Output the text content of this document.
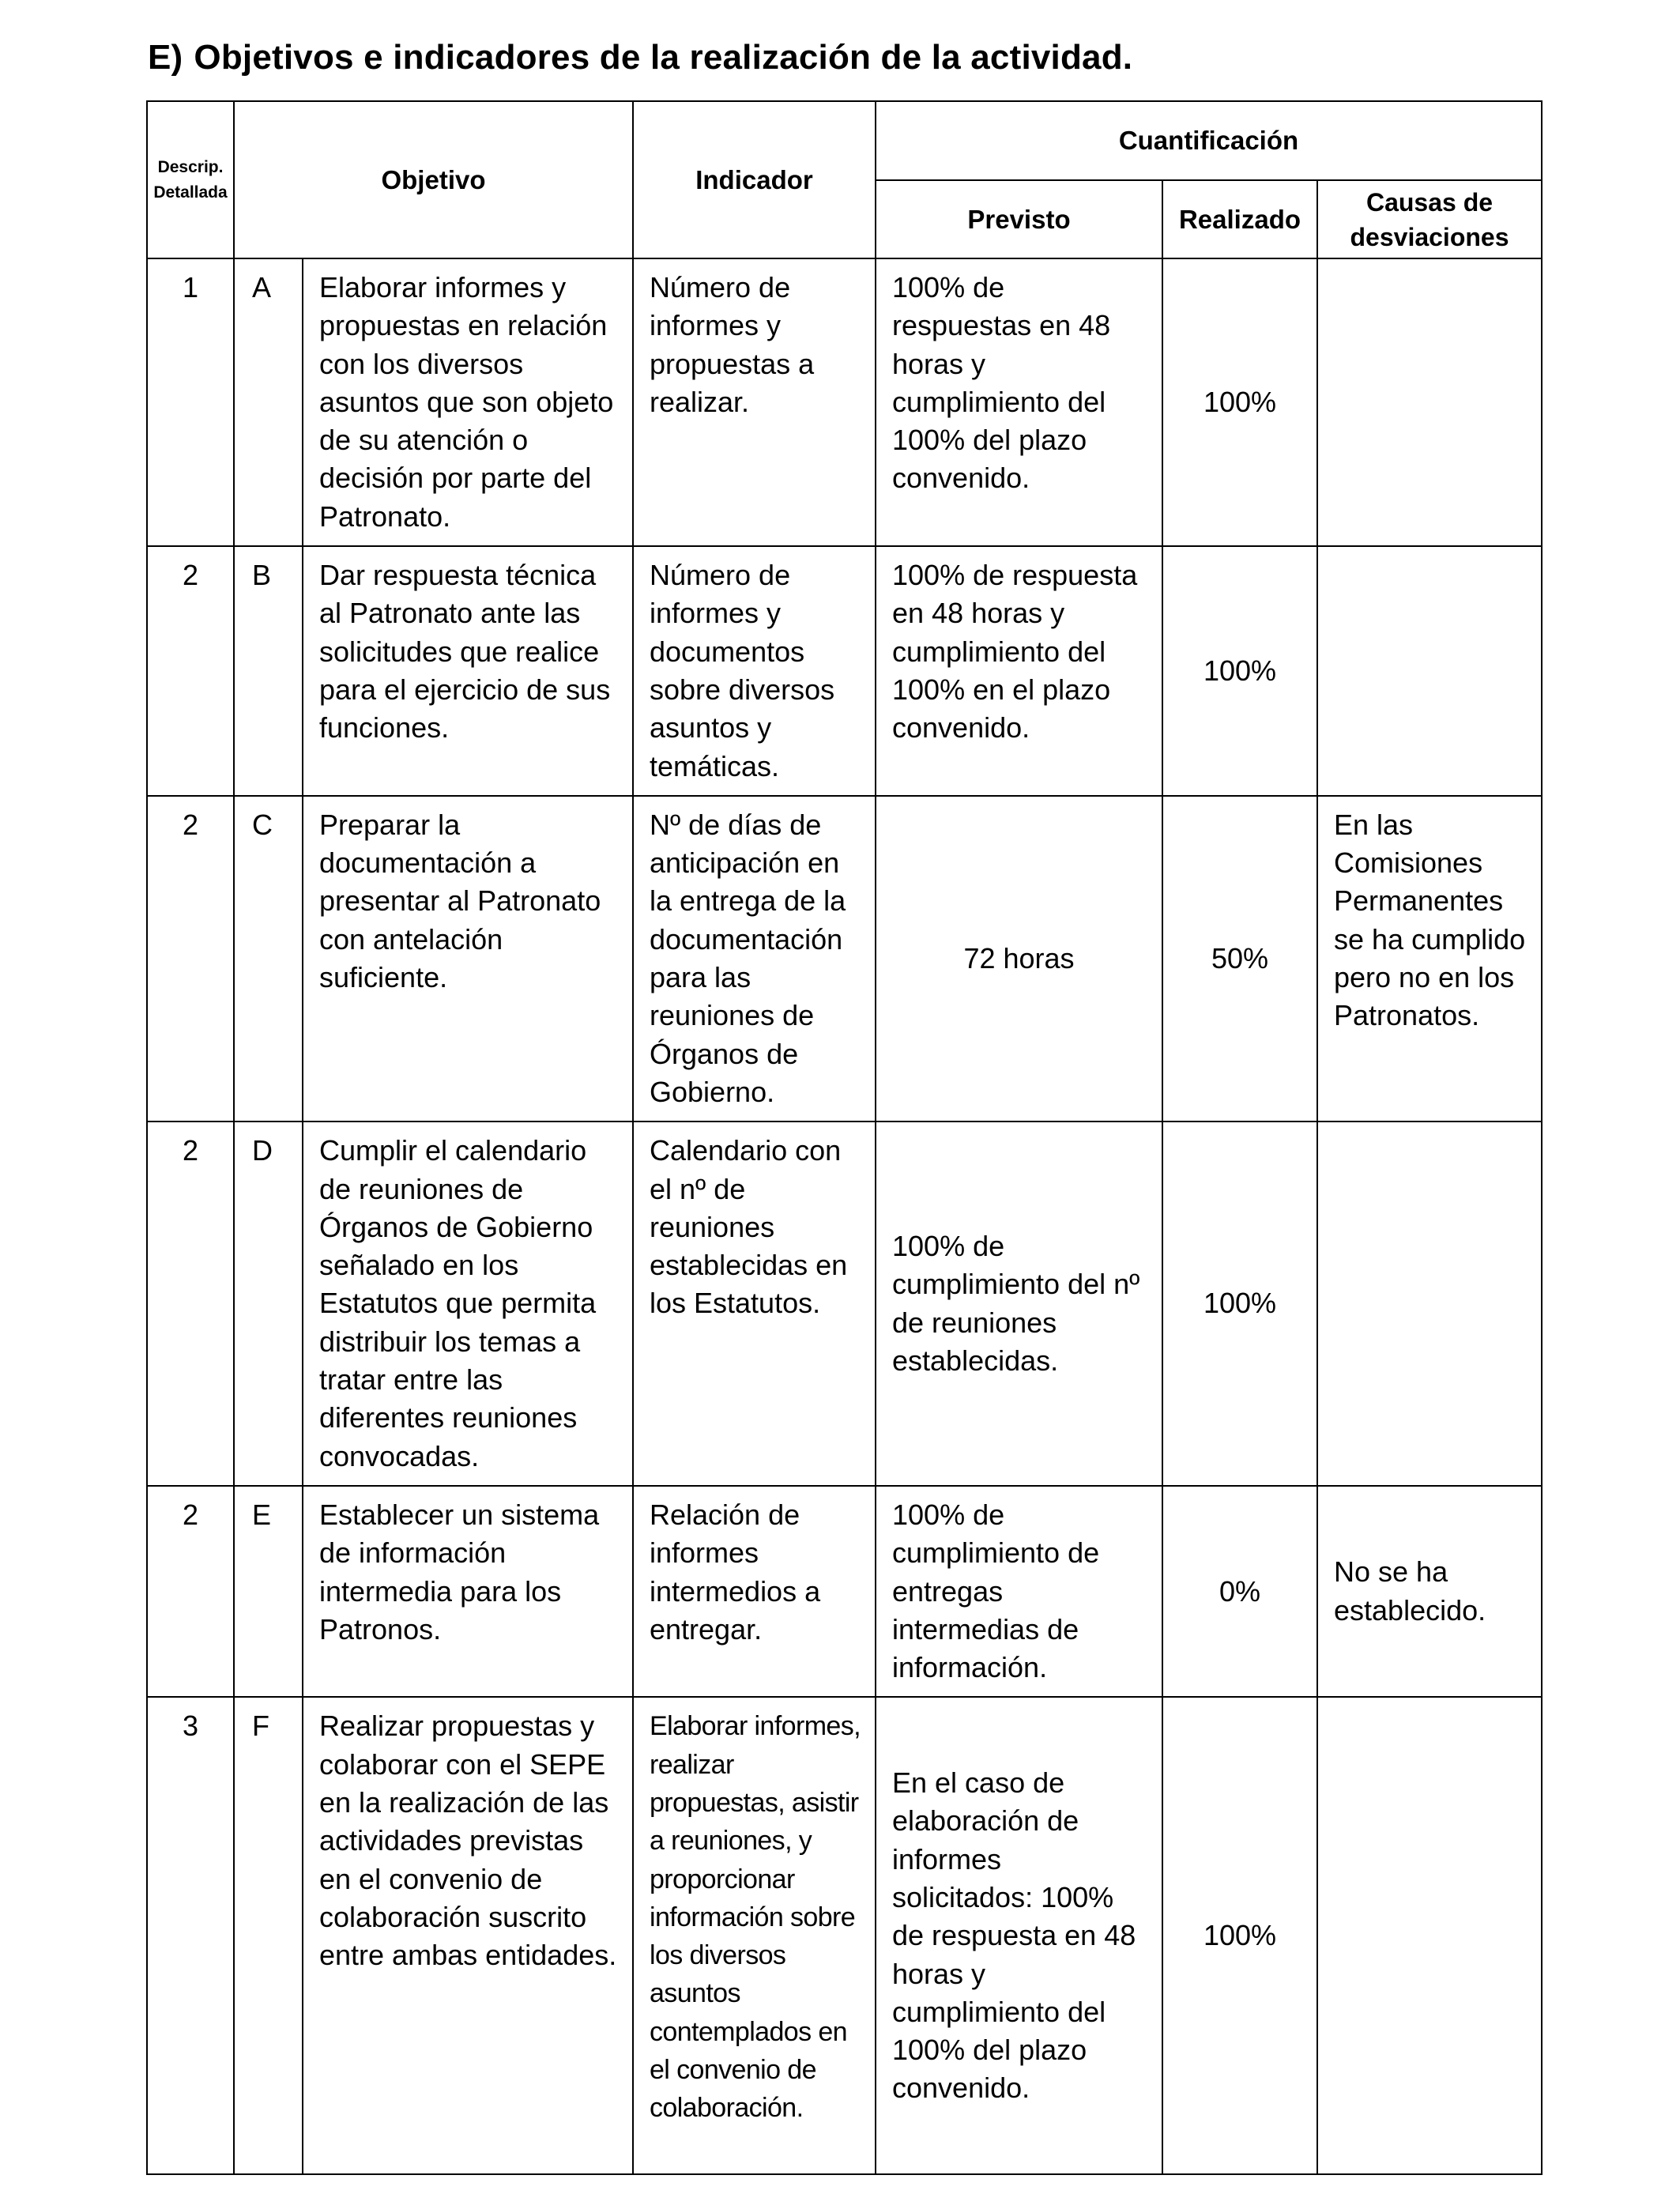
E) Objetivos e indicadores de la realización de la actividad.
Descrip.
Detallada	Objetivo		Indicador	Cuantificación		
				Previsto	Realizado	Causas de
desviaciones

1	A	Elaborar informes y propuestas en relación con los diversos asuntos que son objeto de su atención o decisión por parte del Patronato.	Número de informes y propuestas a realizar.	100% de respuestas en 48 horas y cumplimiento del 100% del plazo convenido.	100%	

2	B	Dar respuesta técnica al Patronato ante las solicitudes que realice para el ejercicio de sus funciones.	Número de informes y documentos sobre diversos asuntos y temáticas.	100% de respuesta en 48 horas y cumplimiento del 100% en el plazo convenido.	100%	

2	C	Preparar la documentación a presentar al Patronato con antelación suficiente.	Nº de días de anticipación en la entrega de la documentación para las reuniones de Órganos de Gobierno.	72 horas	50%	En las Comisiones Permanentes se ha cumplido pero no en los Patronatos.

2	D	Cumplir el calendario de reuniones de Órganos de Gobierno señalado en los Estatutos que permita distribuir los temas a tratar entre las diferentes reuniones convocadas.	Calendario con el nº de reuniones establecidas en los Estatutos.	100% de cumplimiento del nº de reuniones establecidas.	100%	

2	E	Establecer un sistema de información intermedia para los Patronos.	Relación de informes intermedios a entregar.	100% de cumplimiento de entregas intermedias de información.	0%	No se ha establecido.

3	F	Realizar propuestas y colaborar con el SEPE en la realización de las actividades previstas en el convenio de colaboración suscrito entre ambas entidades.	Elaborar informes, realizar propuestas, asistir a reuniones, y proporcionar información sobre los diversos asuntos contemplados en el convenio de colaboración.	En el caso de elaboración de informes solicitados: 100% de respuesta en 48 horas y cumplimiento del 100% del plazo convenido.	100%	
